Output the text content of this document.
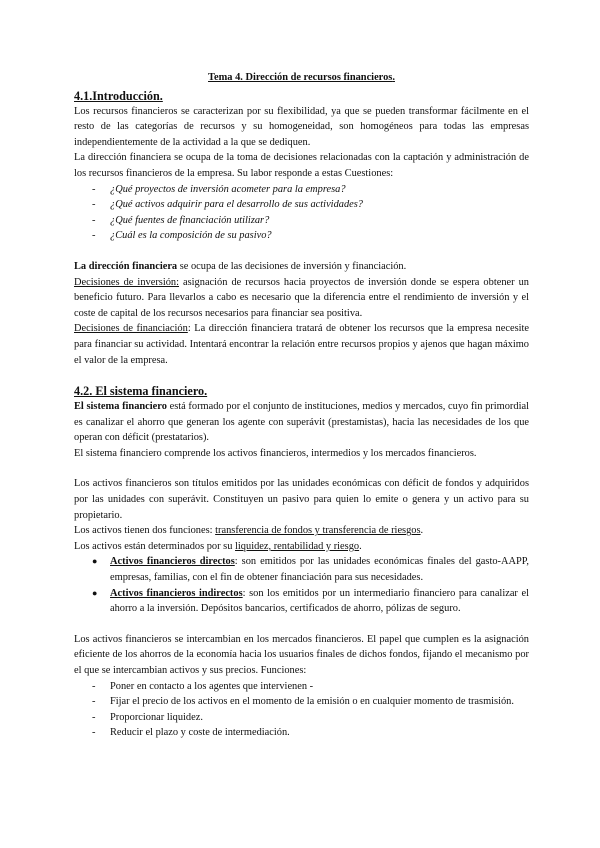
Tema 4. Dirección de recursos financieros.
4.1.Introducción.

Los recursos financieros se caracterizan por su flexibilidad, ya que se pueden transformar fácilmente en el resto de las categorías de recursos y su homogeneidad, son homogéneos para todas las empresas independientemente de la actividad a la que se dediquen.

La dirección financiera se ocupa de la toma de decisiones relacionadas con la captación y administración de los recursos financieros de la empresa. Su labor responde a estas Cuestiones:

- ¿Qué proyectos de inversión acometer para la empresa?
- ¿Qué activos adquirir para el desarrollo de sus actividades?
- ¿Qué fuentes de financiación utilizar?
- ¿Cuál es la composición de su pasivo?

La dirección financiera se ocupa de las decisiones de inversión y financiación.

Decisiones de inversión: asignación de recursos hacia proyectos de inversión donde se espera obtener un beneficio futuro. Para llevarlos a cabo es necesario que la diferencia entre el rendimiento de inversión y el coste de capital de los recursos necesarios para financiar sea positiva.

Decisiones de financiación: La dirección financiera tratará de obtener los recursos que la empresa necesite para financiar su actividad. Intentará encontrar la relación entre recursos propios y ajenos que hagan máximo el valor de la empresa.

4.2. El sistema financiero.

El sistema financiero está formado por el conjunto de instituciones, medios y mercados, cuyo fin primordial es canalizar el ahorro que generan los agente con superávit (prestamistas), hacia las necesidades de los que operan con déficit (prestatarios).

El sistema financiero comprende los activos financieros, intermedios y los mercados financieros.

Los activos financieros son títulos emitidos por las unidades económicas con déficit de fondos y adquiridos por las unidades con superávit. Constituyen un pasivo para quien lo emite o genera y un activo para su propietario.

Los activos tienen dos funciones: transferencia de fondos y transferencia de riesgos.

Los activos están determinados por su liquidez, rentabilidad y riesgo.

● Activos financieros directos: son emitidos por las unidades económicas finales del gasto-AAPP, empresas, familias, con el fin de obtener financiación para sus necesidades.
● Activos financieros indirectos: son los emitidos por un intermediario financiero para canalizar el ahorro a la inversión. Depósitos bancarios, certificados de ahorro, pólizas de seguro.

Los activos financieros se intercambian en los mercados financieros. El papel que cumplen es la asignación eficiente de los ahorros de la economía hacia los usuarios finales de dichos fondos, fijando el mecanismo por el que se intercambian activos y sus precios. Funciones:

- Poner en contacto a los agentes que intervienen -
- Fijar el precio de los activos en el momento de la emisión o en cualquier momento de trasmisión.
- Proporcionar liquidez.
- Reducir el plazo y coste de intermediación.
